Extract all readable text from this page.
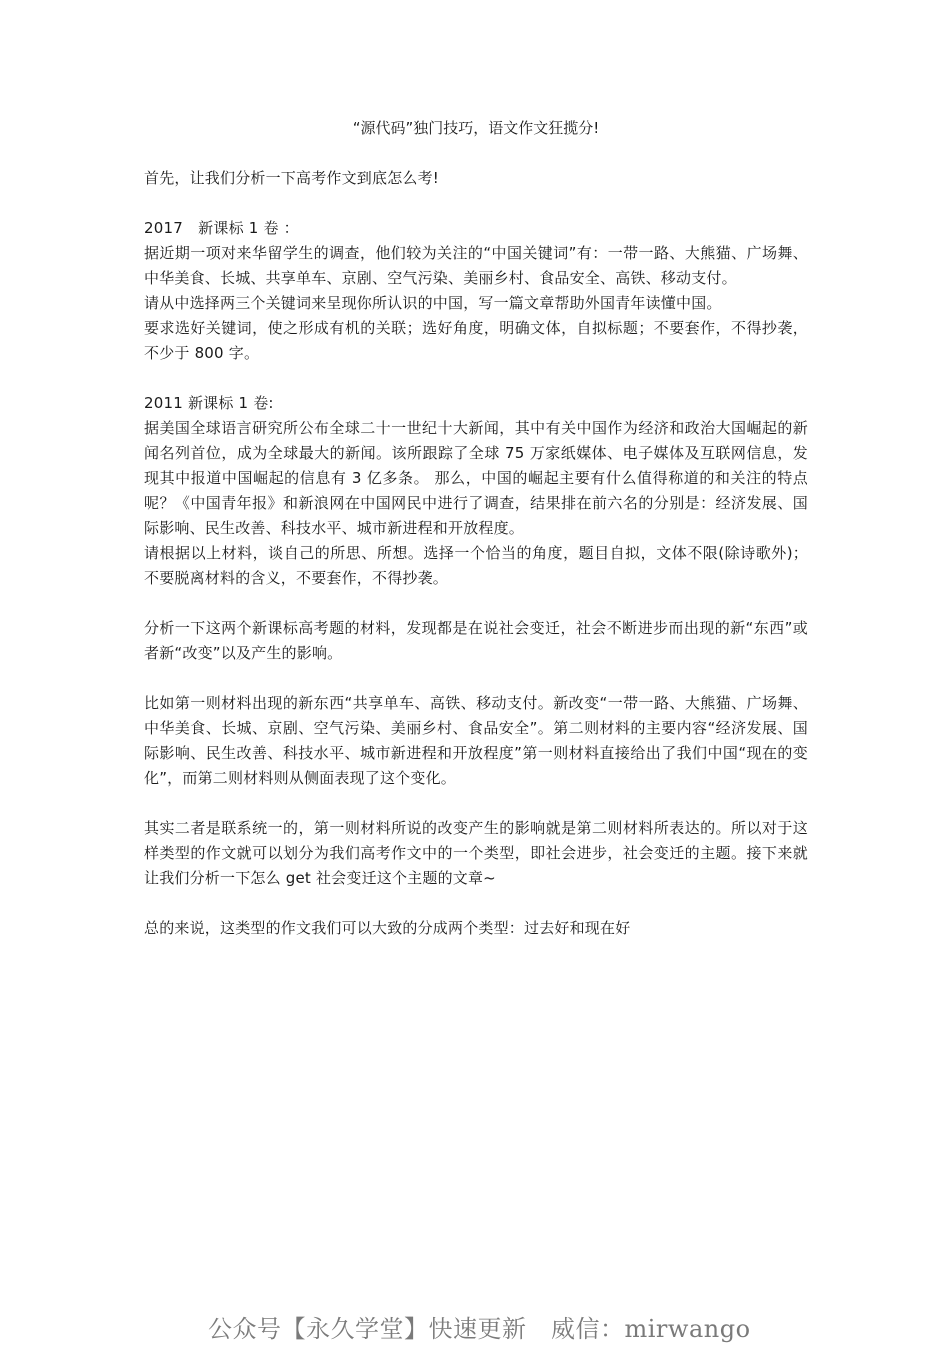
“源代码”独门技巧，语文作文狂揽分!

首先，让我们分析一下高考作文到底怎么考!

2017　新课标 1 卷 ：

据近期一项对来华留学生的调查，他们较为关注的“中国关键词”有：一带一路、大熊猫、广场舞、中华美食、长城、共享单车、京剧、空气污染、美丽乡村、食品安全、高铁、移动支付。

请从中选择两三个关键词来呈现你所认识的中国，写一篇文章帮助外国青年读懂中国。

要求选好关键词，使之形成有机的关联；选好角度，明确文体，自拟标题；不要套作，不得抄袭，不少于 800 字。

2011 新课标 1 卷:

据美国全球语言研究所公布全球二十一世纪十大新闻，其中有关中国作为经济和政治大国崛起的新闻名列首位，成为全球最大的新闻。该所跟踪了全球 75 万家纸媒体、电子媒体及互联网信息，发现其中报道中国崛起的信息有 3 亿多条。 那么，中国的崛起主要有什么值得称道的和关注的特点呢？《中国青年报》和新浪网在中国网民中进行了调查，结果排在前六名的分别是：经济发展、国际影响、民生改善、科技水平、城市新进程和开放程度。

请根据以上材料，谈自己的所思、所想。选择一个恰当的角度，题目自拟，文体不限(除诗歌外)；不要脱离材料的含义，不要套作，不得抄袭。

分析一下这两个新课标高考题的材料，发现都是在说社会变迁，社会不断进步而出现的新“东西”或者新“改变”以及产生的影响。

比如第一则材料出现的新东西“共享单车、高铁、移动支付。新改变“一带一路、大熊猫、广场舞、中华美食、长城、京剧、空气污染、美丽乡村、食品安全”。第二则材料的主要内容“经济发展、国际影响、民生改善、科技水平、城市新进程和开放程度”第一则材料直接给出了我们中国“现在的变化”，而第二则材料则从侧面表现了这个变化。

其实二者是联系统一的，第一则材料所说的改变产生的影响就是第二则材料所表达的。所以对于这样类型的作文就可以划分为我们高考作文中的一个类型，即社会进步，社会变迁的主题。接下来就让我们分析一下怎么 get 社会变迁这个主题的文章~

总的来说，这类型的作文我们可以大致的分成两个类型：过去好和现在好

公众号【永久学堂】快速更新　威信：mirwango
